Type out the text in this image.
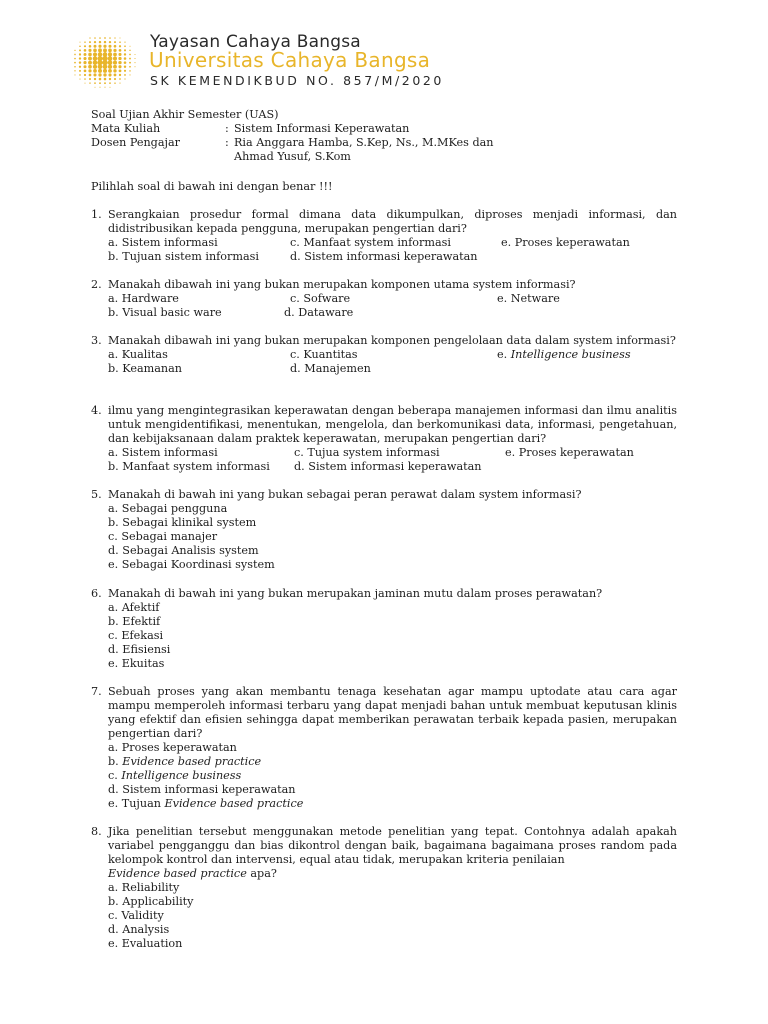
Yayasan Cahaya Bangsa
Universitas Cahaya Bangsa
SK KEMENDIKBUD NO. 857/M/2020
Soal Ujian Akhir Semester (UAS)
Mata Kuliah	: Sistem Informasi Keperawatan
Dosen Pengajar	: Ria Anggara Hamba, S.Kep, Ns., M.MKes dan
Ahmad Yusuf, S.Kom
Pilihlah soal di bawah ini dengan benar !!!
1. Serangkaian prosedur formal dimana data dikumpulkan, diproses menjadi informasi, dan didistribusikan kepada pengguna, merupakan pengertian dari?
a. Sistem informasi	c. Manfaat system informasi	e. Proses keperawatan
b. Tujuan sistem informasi	d. Sistem informasi keperawatan
2. Manakah dibawah ini yang bukan merupakan komponen utama system informasi?
a. Hardware	c. Sofware	e. Netware
b. Visual basic ware	d. Dataware
3. Manakah dibawah ini yang bukan merupakan komponen pengelolaan data dalam system informasi?
a. Kualitas	c. Kuantitas	e. Intelligence business
b. Keamanan	d. Manajemen
4. ilmu yang mengintegrasikan keperawatan dengan beberapa manajemen informasi dan ilmu analitis untuk mengidentifikasi, menentukan, mengelola, dan berkomunikasi data, informasi, pengetahuan, dan kebijaksanaan dalam praktek keperawatan, merupakan pengertian dari?
a. Sistem informasi	c. Tujua system informasi	e. Proses keperawatan
b. Manfaat system informasi d. Sistem informasi keperawatan
5. Manakah di bawah ini yang bukan sebagai peran perawat dalam system informasi?
a. Sebagai pengguna
b. Sebagai klinikal system
c. Sebagai manajer
d. Sebagai Analisis system
e. Sebagai Koordinasi system
6. Manakah di bawah ini yang bukan merupakan jaminan mutu dalam proses perawatan?
a. Afektif
b. Efektif
c. Efekasi
d. Efisiensi
e. Ekuitas
7. Sebuah proses yang akan membantu tenaga kesehatan agar mampu uptodate atau cara agar mampu memperoleh informasi terbaru yang dapat menjadi bahan untuk membuat keputusan klinis yang efektif dan efisien sehingga dapat memberikan perawatan terbaik kepada pasien, merupakan pengertian dari?
a. Proses keperawatan
b. Evidence based practice
c. Intelligence business
d. Sistem informasi keperawatan
e. Tujuan Evidence based practice
8. Jika penelitian tersebut menggunakan metode penelitian yang tepat. Contohnya adalah apakah variabel pengganggu dan bias dikontrol dengan baik, bagaimana bagaimana proses random pada kelompok kontrol dan intervensi, equal atau tidak, merupakan kriteria penilaian
Evidence based practice apa?
a. Reliability
b. Applicability
c. Validity
d. Analysis
e. Evaluation
